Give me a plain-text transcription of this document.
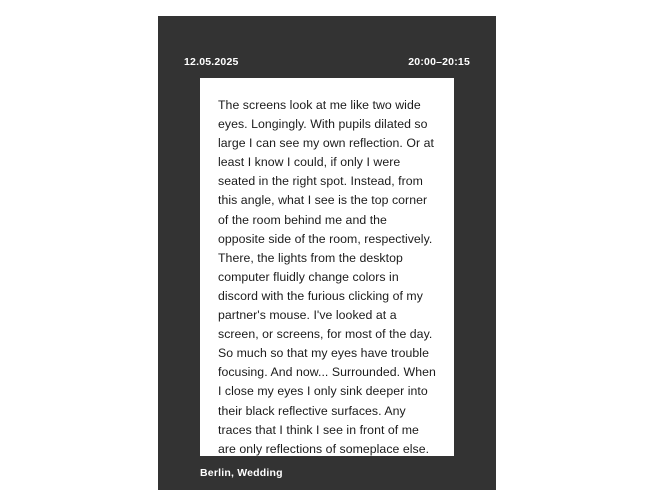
12.05.2025	20:00–20:15

The screens look at me like two wide eyes. Longingly. With pupils dilated so large I can see my own reflection. Or at least I know I could, if only I were seated in the right spot. Instead, from this angle, what I see is the top corner of the room behind me and the opposite side of the room, respectively. There, the lights from the desktop computer fluidly change colors in discord with the furious clicking of my partner's mouse. I've looked at a screen, or screens, for most of the day. So much so that my eyes have trouble focusing. And now... Surrounded. When I close my eyes I only sink deeper into their black reflective surfaces. Any traces that I think I see in front of me are only reflections of someplace else.

Berlin, Wedding
